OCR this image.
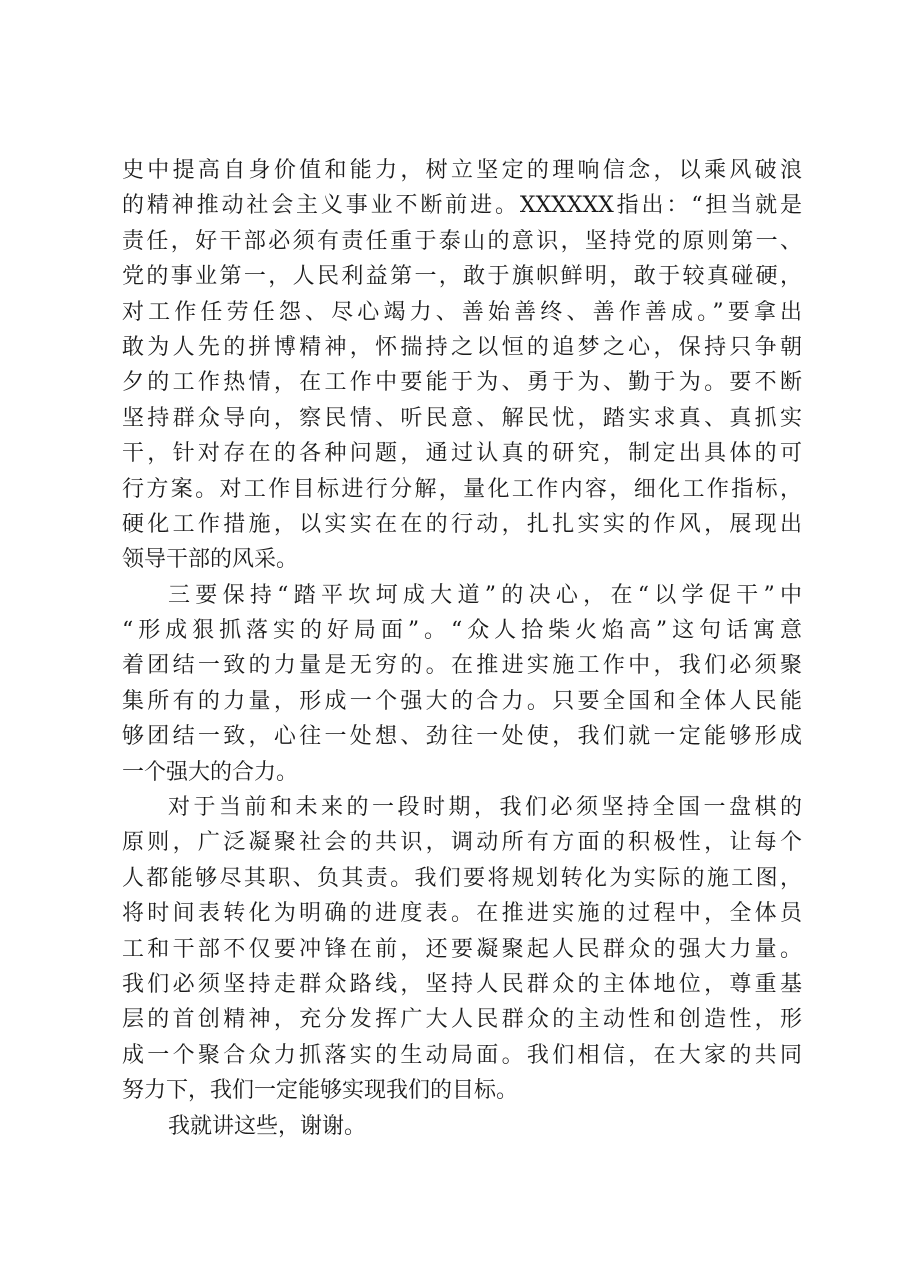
史中提高自身价值和能力，树立坚定的理响信念，以乘风破浪
的精神推动社会主义事业不断前进。XXXXXX指出：“担当就是
责任，好干部必须有责任重于泰山的意识，坚持党的原则第一、
党的事业第一，人民利益第一，敢于旗帜鲜明，敢于较真碰硬，
对工作任劳任怨、尽心竭力、善始善终、善作善成。”要拿出
敢为人先的拼博精神，怀揣持之以恒的追梦之心，保持只争朝
夕的工作热情，在工作中要能于为、勇于为、勤于为。要不断
坚持群众导向，察民情、听民意、解民忧，踏实求真、真抓实
干，针对存在的各种问题，通过认真的研究，制定出具体的可
行方案。对工作目标进行分解，量化工作内容，细化工作指标，
硬化工作措施，以实实在在的行动，扎扎实实的作风，展现出
领导干部的风采。
三要保持“踏平坎坷成大道”的决心，在“以学促干”中
“形成狠抓落实的好局面”。“众人拾柴火焰高”这句话寓意
着团结一致的力量是无穷的。在推进实施工作中，我们必须聚
集所有的力量，形成一个强大的合力。只要全国和全体人民能
够团结一致，心往一处想、劲往一处使，我们就一定能够形成
一个强大的合力。
对于当前和未来的一段时期，我们必须坚持全国一盘棋的
原则，广泛凝聚社会的共识，调动所有方面的积极性，让每个
人都能够尽其职、负其责。我们要将规划转化为实际的施工图，
将时间表转化为明确的进度表。在推进实施的过程中，全体员
工和干部不仅要冲锋在前，还要凝聚起人民群众的强大力量。
我们必须坚持走群众路线，坚持人民群众的主体地位，尊重基
层的首创精神，充分发挥广大人民群众的主动性和创造性，形
成一个聚合众力抓落实的生动局面。我们相信，在大家的共同
努力下，我们一定能够实现我们的目标。
我就讲这些，谢谢。
